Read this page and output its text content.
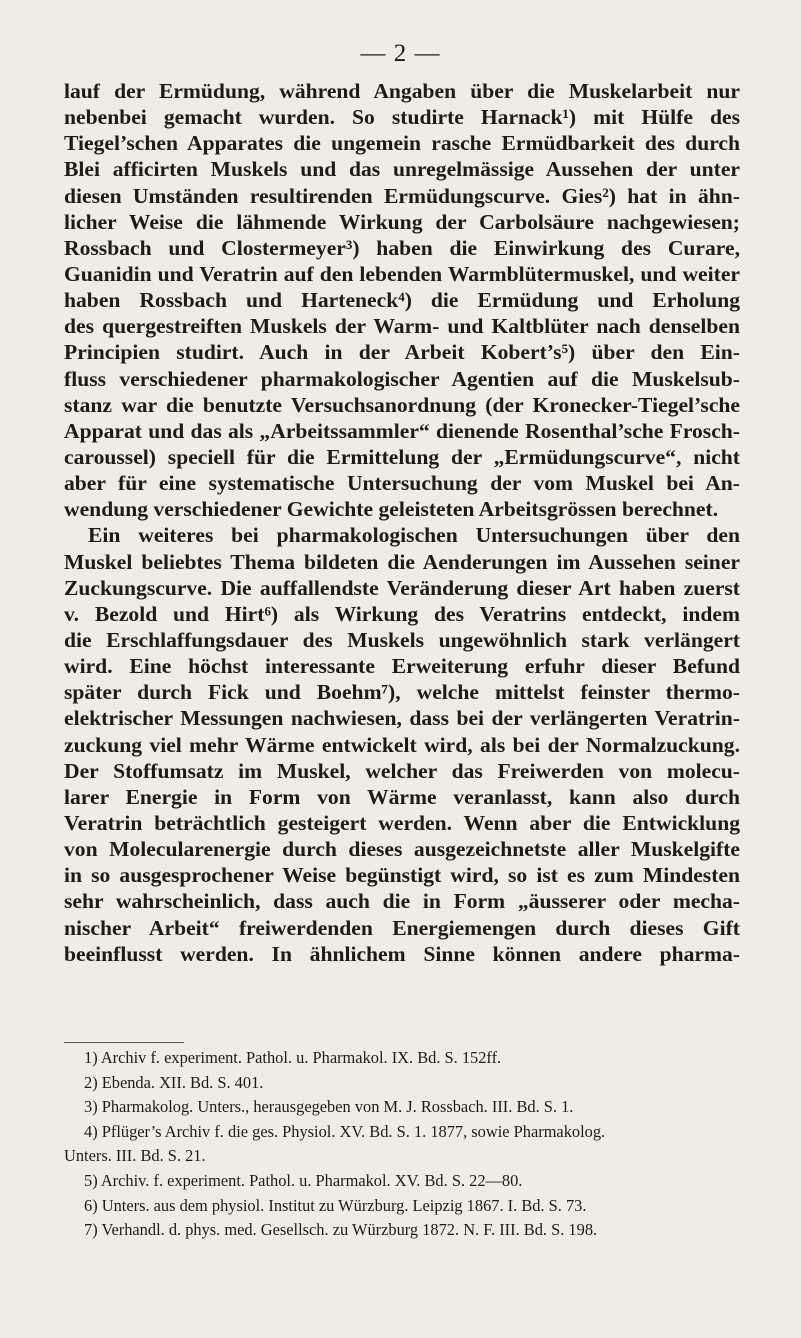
— 2 —
lauf der Ermüdung, während Angaben über die Muskelarbeit nur
nebenbei gemacht wurden. So studirte Harnack¹) mit Hülfe des
Tiegel’schen Apparates die ungemein rasche Ermüdbarkeit des durch
Blei afficirten Muskels und das unregelmässige Aussehen der unter
diesen Umständen resultirenden Ermüdungscurve. Gies²) hat in ähn-
licher Weise die lähmende Wirkung der Carbolsäure nachgewiesen;
Rossbach und Clostermeyer³) haben die Einwirkung des Curare,
Guanidin und Veratrin auf den lebenden Warmblütermuskel, und weiter
haben Rossbach und Harteneck⁴) die Ermüdung und Erholung
des quergestreiften Muskels der Warm- und Kaltblüter nach denselben
Principien studirt. Auch in der Arbeit Kobert’s⁵) über den Ein-
fluss verschiedener pharmakologischer Agentien auf die Muskelsub-
stanz war die benutzte Versuchsanordnung (der Kronecker-Tiegel’sche
Apparat und das als „Arbeitssammler“ dienende Rosenthal’sche Frosch-
caroussel) speciell für die Ermittelung der „Ermüdungscurve“, nicht
aber für eine systematische Untersuchung der vom Muskel bei An-
wendung verschiedener Gewichte geleisteten Arbeitsgrössen berechnet.
Ein weiteres bei pharmakologischen Untersuchungen über den
Muskel beliebtes Thema bildeten die Aenderungen im Aussehen seiner
Zuckungscurve. Die auffallendste Veränderung dieser Art haben zuerst
v. Bezold und Hirt⁶) als Wirkung des Veratrins entdeckt, indem
die Erschlaffungsdauer des Muskels ungewöhnlich stark verlängert
wird. Eine höchst interessante Erweiterung erfuhr dieser Befund
später durch Fick und Boehm⁷), welche mittelst feinster thermo-
elektrischer Messungen nachwiesen, dass bei der verlängerten Veratrin-
zuckung viel mehr Wärme entwickelt wird, als bei der Normalzuckung.
Der Stoffumsatz im Muskel, welcher das Freiwerden von molecu-
larer Energie in Form von Wärme veranlasst, kann also durch
Veratrin beträchtlich gesteigert werden. Wenn aber die Entwicklung
von Molecularenergie durch dieses ausgezeichnetste aller Muskelgifte
in so ausgesprochener Weise begünstigt wird, so ist es zum Mindesten
sehr wahrscheinlich, dass auch die in Form „äusserer oder mecha-
nischer Arbeit“ freiwerdenden Energiemengen durch dieses Gift
beeinflusst werden. In ähnlichem Sinne können andere pharma-
1) Archiv f. experiment. Pathol. u. Pharmakol. IX. Bd. S. 152ff.
2) Ebenda. XII. Bd. S. 401.
3) Pharmakolog. Unters., herausgegeben von M. J. Rossbach. III. Bd. S. 1.
4) Pflüger’s Archiv f. die ges. Physiol. XV. Bd. S. 1. 1877, sowie Pharmakolog.
Unters. III. Bd. S. 21.
5) Archiv. f. experiment. Pathol. u. Pharmakol. XV. Bd. S. 22—80.
6) Unters. aus dem physiol. Institut zu Würzburg. Leipzig 1867. I. Bd. S. 73.
7) Verhandl. d. phys. med. Gesellsch. zu Würzburg 1872. N. F. III. Bd. S. 198.
